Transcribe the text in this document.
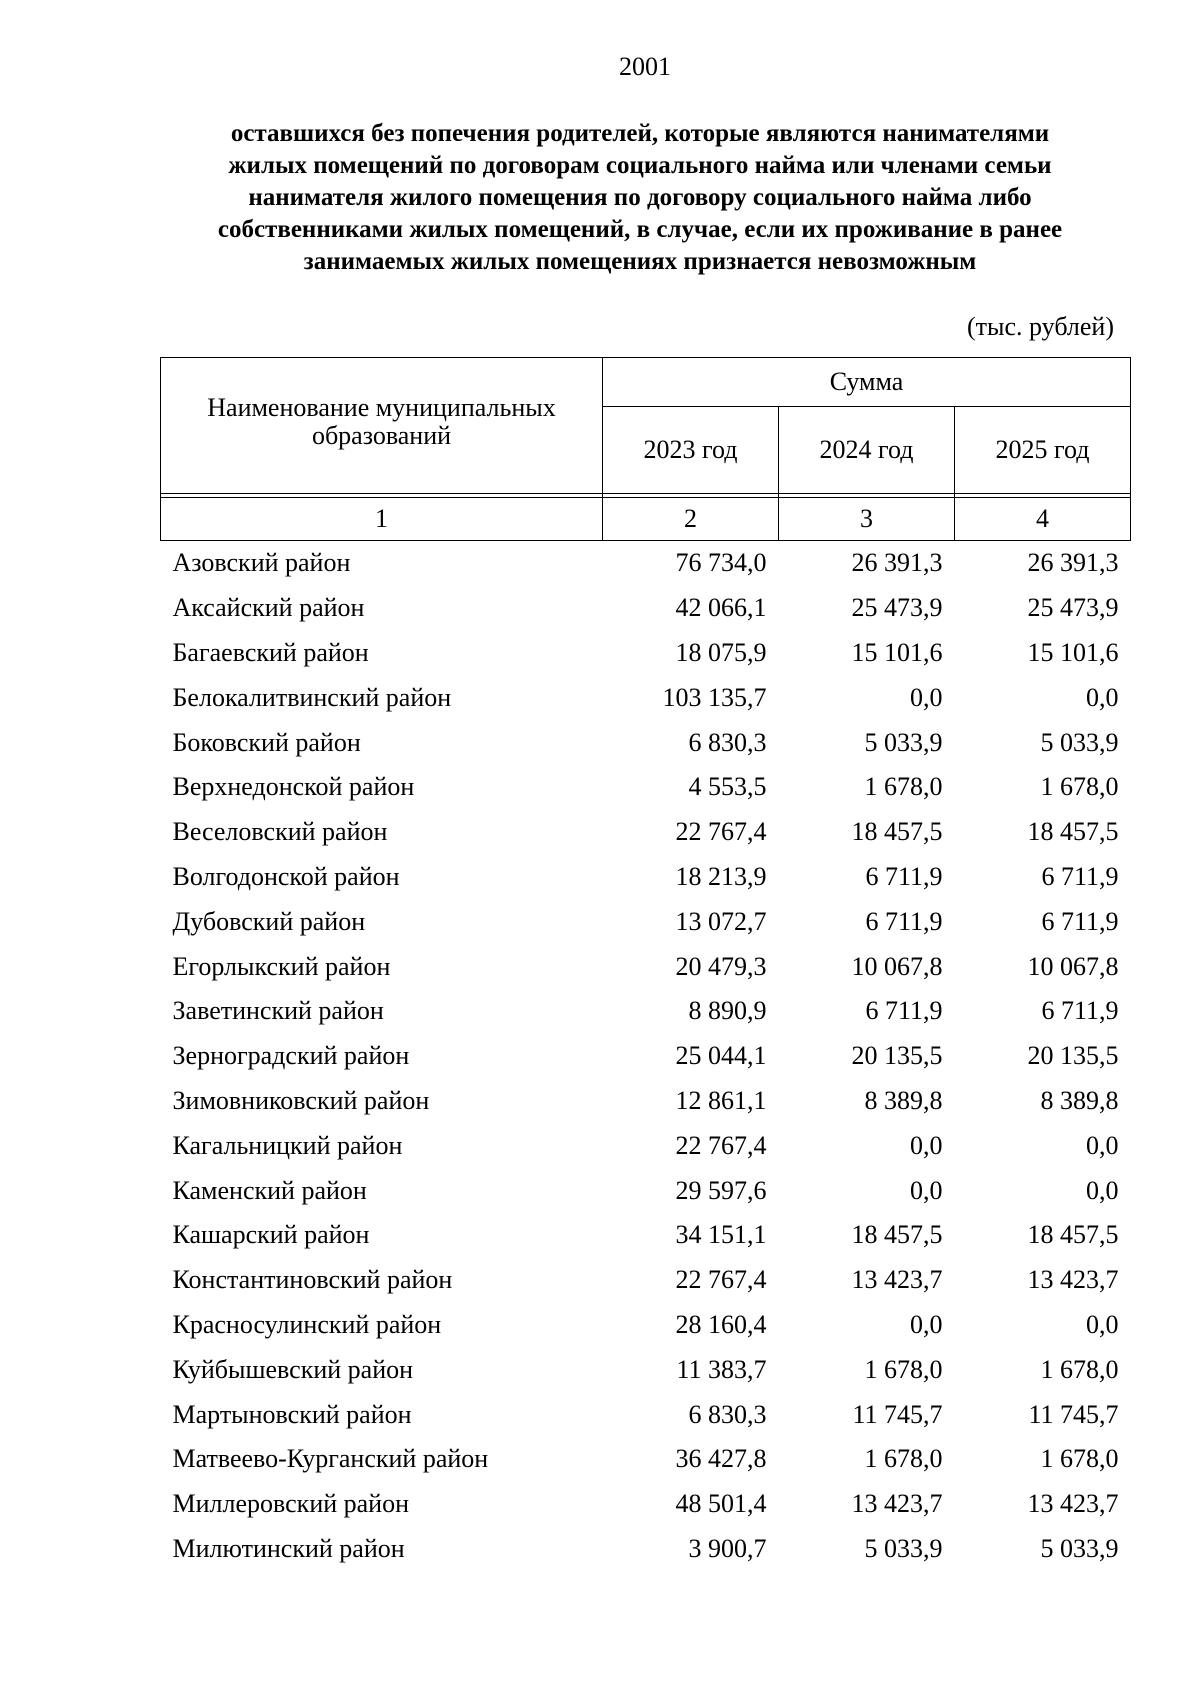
2001
оставшихся без попечения родителей, которые являются нанимателями
жилых помещений по договорам социального найма или членами семьи
нанимателя жилого помещения по договору социального найма либо
собственниками жилых помещений, в случае, если их проживание в ранее
занимаемых жилых помещениях признается невозможным
(тыс. рублей)
Наименование муниципальных образований	Сумма		
	2023 год	2024 год	2025 год

1	2	3	4
Азовский район	76 734,0	26 391,3	26 391,3
Аксайский район	42 066,1	25 473,9	25 473,9
Багаевский район	18 075,9	15 101,6	15 101,6
Белокалитвинский район	103 135,7	0,0	0,0
Боковский район	6 830,3	5 033,9	5 033,9
Верхнедонской район	4 553,5	1 678,0	1 678,0
Веселовский район	22 767,4	18 457,5	18 457,5
Волгодонской район	18 213,9	6 711,9	6 711,9
Дубовский район	13 072,7	6 711,9	6 711,9
Егорлыкский район	20 479,3	10 067,8	10 067,8
Заветинский район	8 890,9	6 711,9	6 711,9
Зерноградский район	25 044,1	20 135,5	20 135,5
Зимовниковский район	12 861,1	8 389,8	8 389,8
Кагальницкий район	22 767,4	0,0	0,0
Каменский район	29 597,6	0,0	0,0
Кашарский район	34 151,1	18 457,5	18 457,5
Константиновский район	22 767,4	13 423,7	13 423,7
Красносулинский район	28 160,4	0,0	0,0
Куйбышевский район	11 383,7	1 678,0	1 678,0
Мартыновский район	6 830,3	11 745,7	11 745,7
Матвеево-Курганский район	36 427,8	1 678,0	1 678,0
Миллеровский район	48 501,4	13 423,7	13 423,7
Милютинский район	3 900,7	5 033,9	5 033,9
